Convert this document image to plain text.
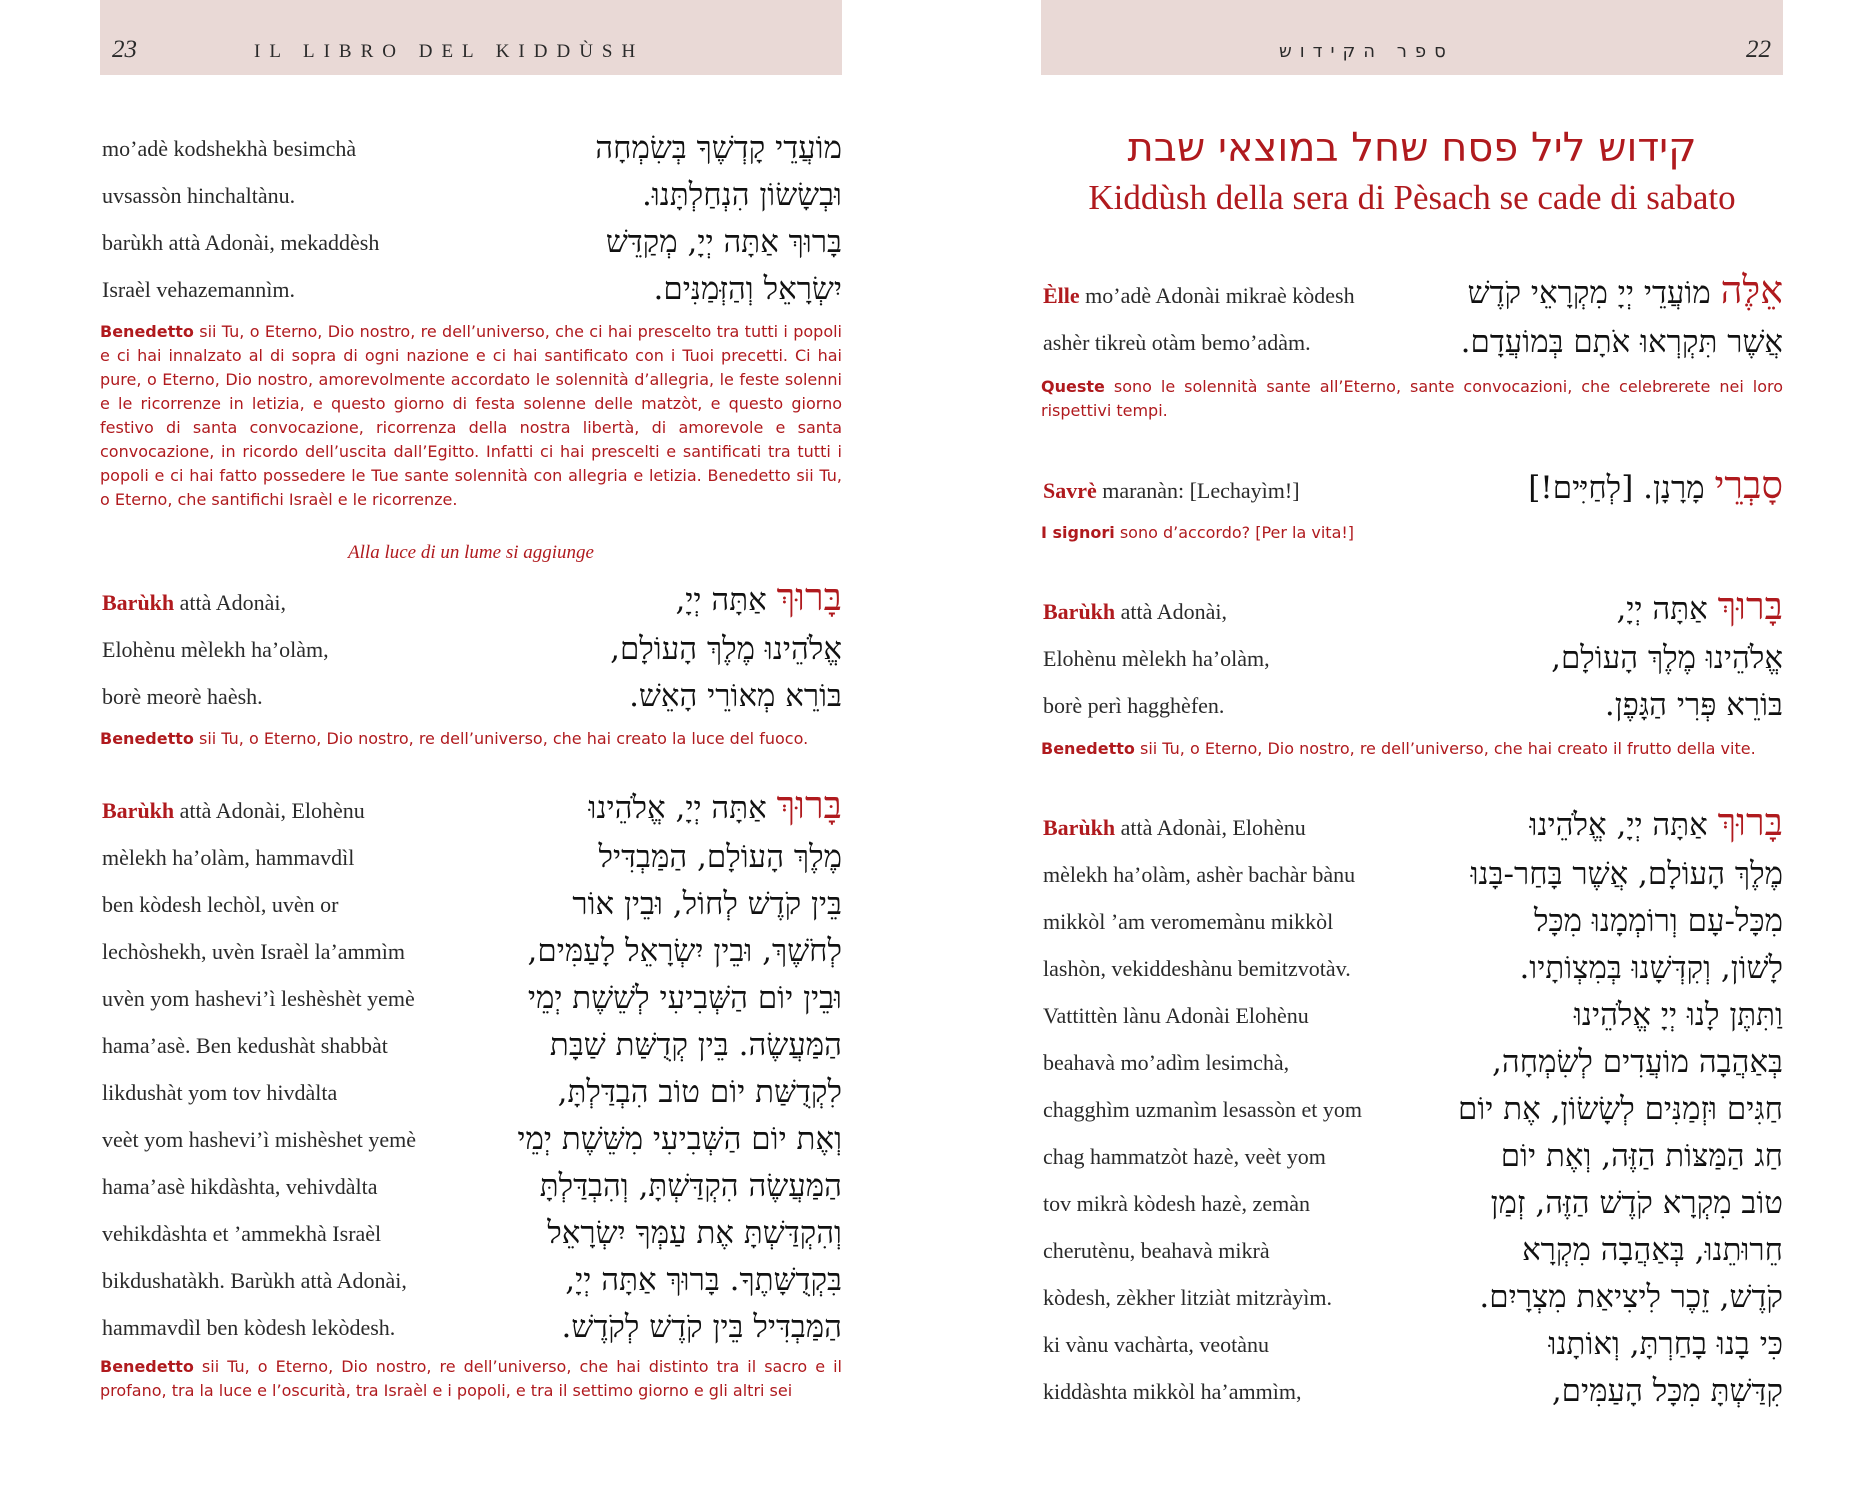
23	IL LIBRO DEL KIDDÙSH
mo’adè kodshekhà besimchà	מוֹעֲדֵי קָדְשֶׁךָ בְּשִׂמְחָה
uvsassòn hinchaltànu.	וּבְשָׂשׂוֹן הִנְחַלְתָּנוּ.
barùkh attà Adonài, mekaddèsh	בָּרוּךְ אַתָּה יְיָ, מְקַדֵּשׁ
Israèl vehazemannìm.	יִשְׂרָאֵל וְהַזְּמַנִּים.
Benedetto sii Tu, o Eterno, Dio nostro, re dell’universo, che ci hai prescelto tra tutti i popoli e ci hai innalzato al di sopra di ogni nazione e ci hai santificato con i Tuoi precetti. Ci hai pure, o Eterno, Dio nostro, amorevolmente accordato le solennità d’allegria, le feste solenni e le ricorrenze in letizia, e questo giorno di festa solenne delle matzòt, e questo giorno festivo di santa convocazione, ricorrenza della nostra libertà, di amorevole e santa convocazione, in ricordo dell’uscita dall’Egitto. Infatti ci hai prescelti e santificati tra tutti i popoli e ci hai fatto possedere le Tue sante solennità con allegria e letizia. Benedetto sii Tu, o Eterno, che santifichi Israèl e le ricorrenze.
Alla luce di un lume si aggiunge
Barùkh attà Adonài,	בָּרוּךְ אַתָּה יְיָ,
Elohènu mèlekh ha’olàm,	אֱלֹהֵינוּ מֶלֶךְ הָעוֹלָם,
borè meorè haèsh.	בּוֹרֵא מְאוֹרֵי הָאֵשׁ.
Benedetto sii Tu, o Eterno, Dio nostro, re dell’universo, che hai creato la luce del fuoco.
Barùkh attà Adonài, Elohènu	בָּרוּךְ אַתָּה יְיָ, אֱלֹהֵינוּ
mèlekh ha’olàm, hammavdìl	מֶלֶךְ הָעוֹלָם, הַמַּבְדִּיל
ben kòdesh lechòl, uvèn or	בֵּין קֹדֶשׁ לְחוֹל, וּבֵין אוֹר
lechòshekh, uvèn Israèl la’ammìm	לְחֹשֶׁךְ, וּבֵין יִשְׂרָאֵל לָעַמִּים,
uvèn yom hashevi’ì leshèshèt yemè	וּבֵין יוֹם הַשְּׁבִיעִי לְשֵׁשֶׁת יְמֵי
hama’asè. Ben kedushàt shabbàt	הַמַּעֲשֶׂה. בֵּין קְדֻשַּׁת שַׁבָּת
likdushàt yom tov hivdàlta	לִקְדֻשַּׁת יוֹם טוֹב הִבְדַּלְתָּ,
veèt yom hashevi’ì mishèshet yemè	וְאֶת יוֹם הַשְּׁבִיעִי מִשֵּׁשֶׁת יְמֵי
hama’asè hikdàshta, vehivdàlta	הַמַּעֲשֶׂה הִקְדַּשְׁתָּ, וְהִבְדַּלְתָּ
vehikdàshta et ’ammekhà Israèl	וְהִקְדַּשְׁתָּ אֶת עַמְּךָ יִשְׂרָאֵל
bikdushatàkh. Barùkh attà Adonài,	בִּקְדֻשָּׁתֶךָ. בָּרוּךְ אַתָּה יְיָ,
hammavdìl ben kòdesh lekòdesh.	הַמַּבְדִּיל בֵּין קֹדֶשׁ לְקֹדֶשׁ.
Benedetto sii Tu, o Eterno, Dio nostro, re dell’universo, che hai distinto tra il sacro e il profano, tra la luce e l’oscurità, tra Israèl e i popoli, e tra il settimo giorno e gli altri sei
ספר הקידוש	22
קידוש ליל פסח שחל במוצאי שבת
Kiddùsh della sera di Pèsach se cade di sabato
Èlle mo’adè Adonài mikraè kòdesh	אֵלֶּה מוֹעֲדֵי יְיָ מִקְרָאֵי קֹדֶשׁ
ashèr tikreù otàm bemo’adàm.	אֲשֶׁר תִּקְרְאוּ אֹתָם בְּמוֹעֲדָם.
Queste sono le solennità sante all’Eterno, sante convocazioni, che celebrerete nei loro rispettivi tempi.
Savrè maranàn: [Lechayìm!]	סָבְרֵי מָרָנָן. [לְחַיִּים!]
I signori sono d’accordo? [Per la vita!]
Barùkh attà Adonài,	בָּרוּךְ אַתָּה יְיָ,
Elohènu mèlekh ha’olàm,	אֱלֹהֵינוּ מֶלֶךְ הָעוֹלָם,
borè perì hagghèfen.	בּוֹרֵא פְּרִי הַגָּפֶן.
Benedetto sii Tu, o Eterno, Dio nostro, re dell’universo, che hai creato il frutto della vite.
Barùkh attà Adonài, Elohènu	בָּרוּךְ אַתָּה יְיָ, אֱלֹהֵינוּ
mèlekh ha’olàm, ashèr bachàr bànu	מֶלֶךְ הָעוֹלָם, אֲשֶׁר בָּחַר-בָּנוּ
mikkòl ’am veromemànu mikkòl	מִכָּל-עָם וְרוֹמְמָנוּ מִכָּל
lashòn, vekiddeshànu bemitzvotàv.	לָשׁוֹן, וְקִדְּשָׁנוּ בְּמִצְוֹתָיו.
Vattittèn lànu Adonài Elohènu	וַתִּתֶּן לָנוּ יְיָ אֱלֹהֵינוּ
beahavà mo’adìm lesimchà,	בְּאַהֲבָה מוֹעֲדִים לְשִׂמְחָה,
chagghìm uzmanìm lesassòn et yom	חַגִּים וּזְמַנִּים לְשָׂשׂוֹן, אֶת יוֹם
chag hammatzòt hazè, veèt yom	חַג הַמַּצּוֹת הַזֶּה, וְאֶת יוֹם
tov mikrà kòdesh hazè, zemàn	טוֹב מִקְרָא קֹדֶשׁ הַזֶּה, זְמַן
cherutènu, beahavà mikrà	חֵרוּתֵנוּ, בְּאַהֲבָה מִקְרָא
kòdesh, zèkher litziàt mitzràyìm.	קֹדֶשׁ, זֵכֶר לִיצִיאַת מִצְרָיִם.
ki vànu vachàrta, veotànu	כִּי בָנוּ בָחַרְתָּ, וְאוֹתָנוּ
kiddàshta mikkòl ha’ammìm,	קִדַּשְׁתָּ מִכָּל הָעַמִּים,
